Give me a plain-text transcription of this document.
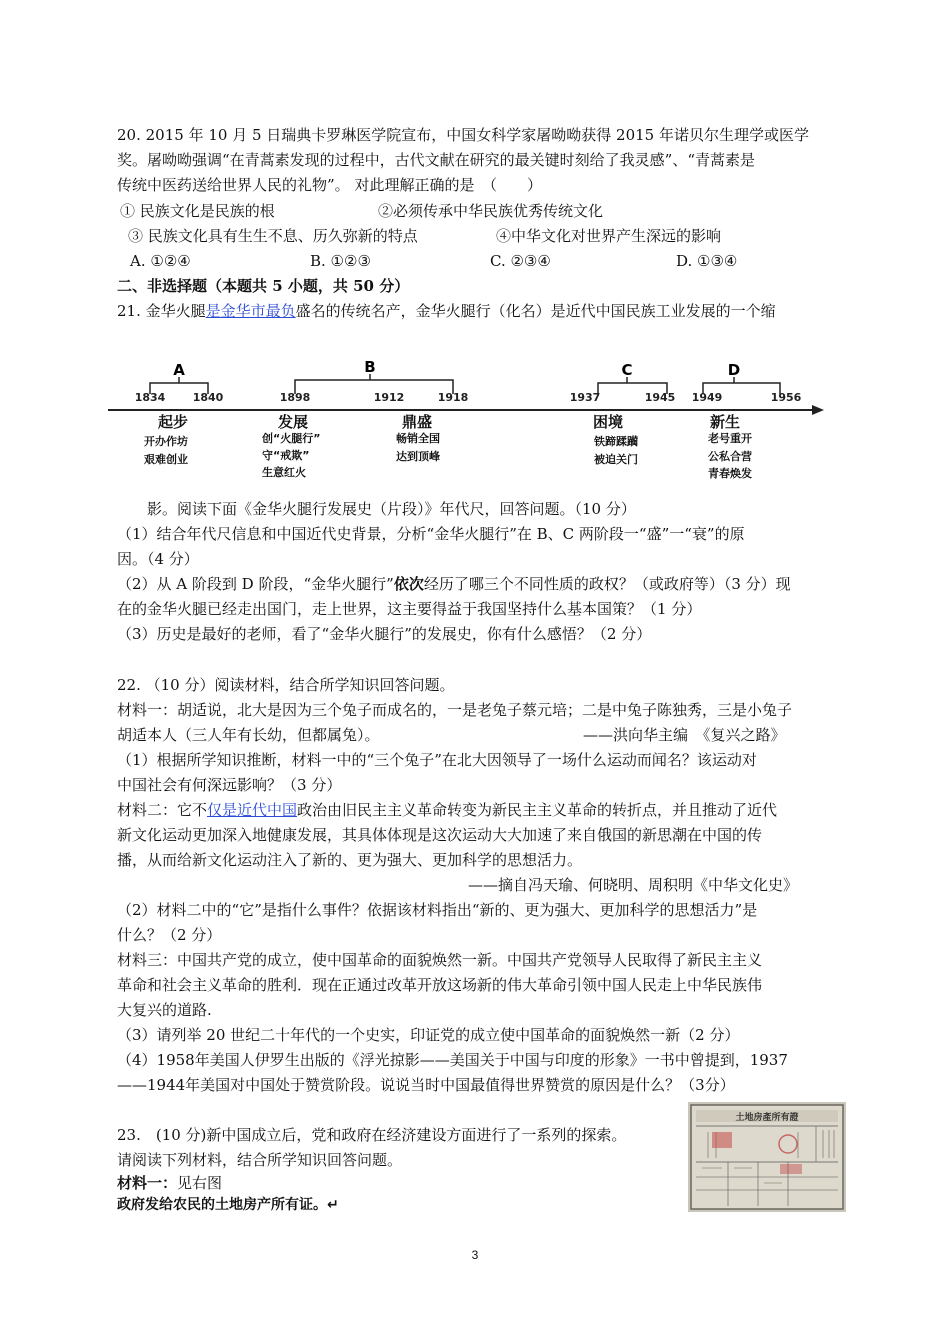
20. 2015 年 10 月 5 日瑞典卡罗琳医学院宣布，中国女科学家屠呦呦获得 2015 年诺贝尔生理学或医学
奖。屠呦呦强调“在青蒿素发现的过程中，古代文献在研究的最关键时刻给了我灵感”、“青蒿素是
传统中医药送给世界人民的礼物”。 对此理解正确的是　（　　）
① 民族文化是民族的根	②必须传承中华民族优秀传统文化
③ 民族文化具有生生不息、历久弥新的特点	④中华文化对世界产生深远的影响
A. ①②④	B. ①②③	C. ②③④	D. ①③④
二、非选择题（本题共 5 小题，共 50 分）
21. 金华火腿是金华市最负盛名的传统名产，金华火腿行（化名）是近代中国民族工业发展的一个缩
A	B	C	D
1834 1840	1898	1912	1918	1937	1945 1949	1956
起步	发展	鼎盛	困境	新生
开办作坊
艰难创业
创“火腿行”
守“戒欺”
生意红火
畅销全国
达到顶峰
铁蹄蹂躏
被迫关门
老号重开
公私合营
青春焕发
影。阅读下面《金华火腿行发展史（片段）》年代尺，回答问题。（10 分）
（1）结合年代尺信息和中国近代史背景，分析“金华火腿行”在 B、C 两阶段一“盛”一“衰”的原
因。（4 分）
（2）从 A 阶段到 D 阶段，“金华火腿行”依次经历了哪三个不同性质的政权？（或政府等）（3 分）现
在的金华火腿已经走出国门，走上世界，这主要得益于我国坚持什么基本国策？（1 分）
（3）历史是最好的老师，看了“金华火腿行”的发展史，你有什么感悟？（2 分）
22. （10 分）阅读材料，结合所学知识回答问题。
材料一：胡适说，北大是因为三个兔子而成名的，一是老兔子蔡元培；二是中兔子陈独秀，三是小兔子
胡适本人（三人年有长幼，但都属兔）。	——洪向华主编　《复兴之路》
（1）根据所学知识推断，材料一中的“三个兔子”在北大因领导了一场什么运动而闻名？该运动对
中国社会有何深远影响？（3 分）
材料二：它不仅是近代中国政治由旧民主主义革命转变为新民主主义革命的转折点，并且推动了近代
新文化运动更加深入地健康发展，其具体体现是这次运动大大加速了来自俄国的新思潮在中国的传
播，从而给新文化运动注入了新的、更为强大、更加科学的思想活力。
——摘自冯天瑜、何晓明、周积明《中华文化史》
（2）材料二中的“它”是指什么事件？依据该材料指出“新的、更为强大、更加科学的思想活力”是
什么？（2 分）
材料三：中国共产党的成立，使中国革命的面貌焕然一新。中国共产党领导人民取得了新民主主义
革命和社会主义革命的胜利．现在正通过改革开放这场新的伟大革命引领中国人民走上中华民族伟
大复兴的道路.
（3）请列举 20 世纪二十年代的一个史实，印证党的成立使中国革命的面貌焕然一新（2 分）
（4）1958年美国人伊罗生出版的《浮光掠影——美国关于中国与印度的形象》一书中曾提到，1937
——1944年美国对中国处于赞赏阶段。说说当时中国最值得世界赞赏的原因是什么？（3分）
23.　(10 分)新中国成立后，党和政府在经济建设方面进行了一系列的探索。
请阅读下列材料，结合所学知识回答问题。
材料一：见右图
政府发给农民的土地房产所有证。↵
土地房產所有證
3
